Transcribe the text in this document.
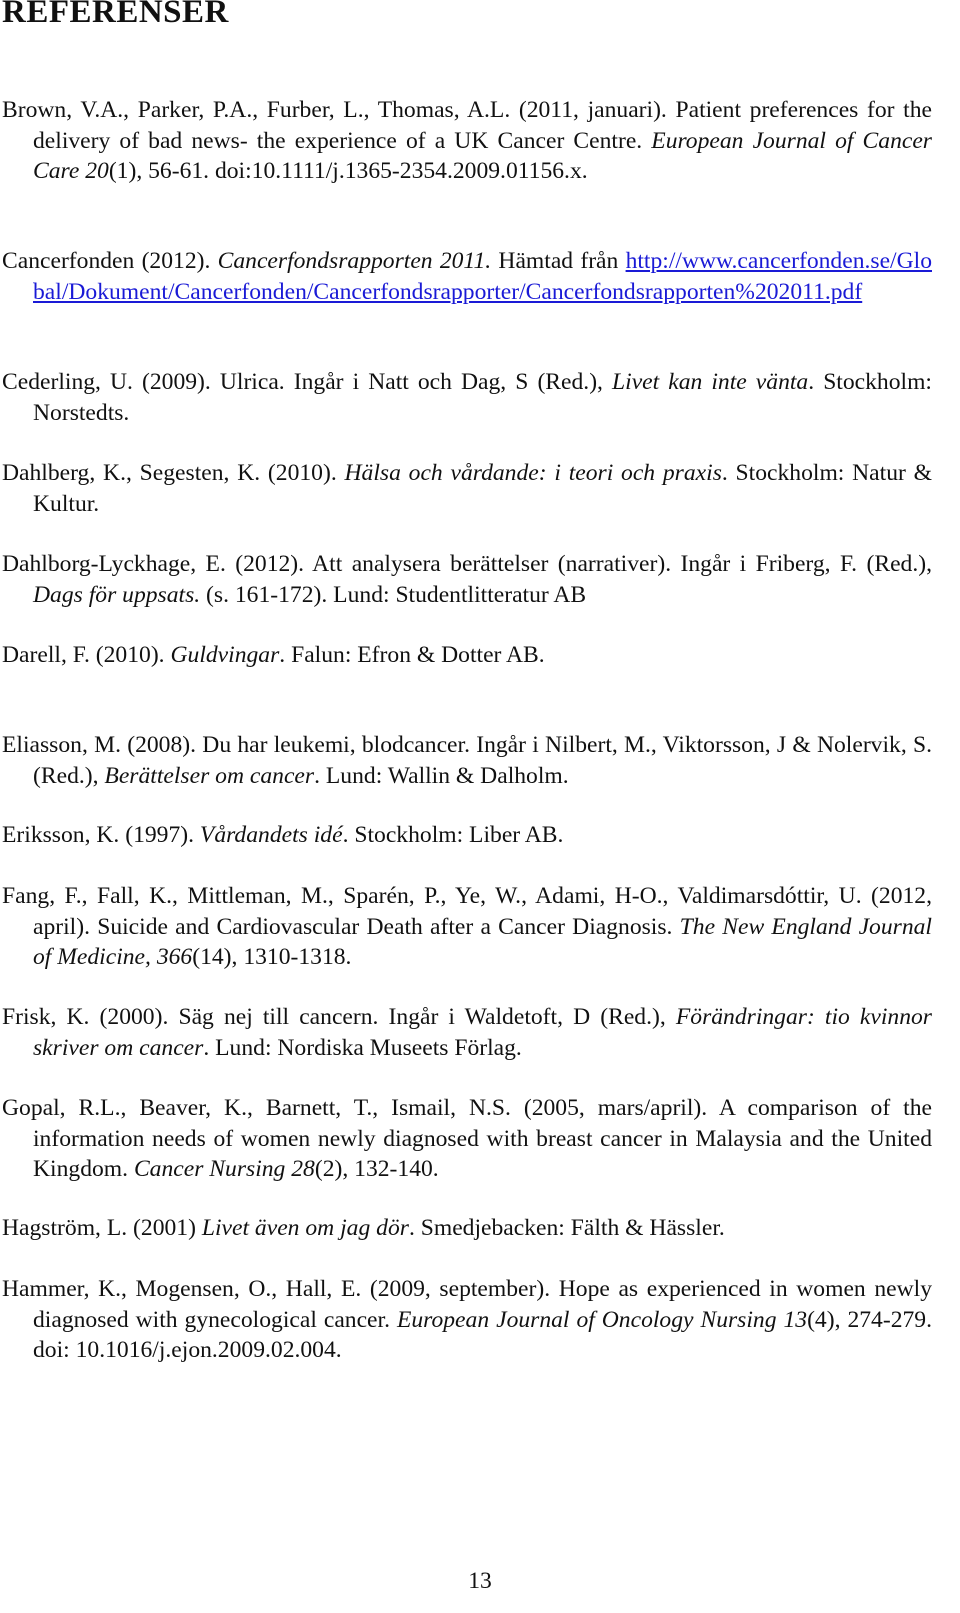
REFERENSER
Brown, V.A., Parker, P.A., Furber, L., Thomas, A.L. (2011, januari). Patient preferences for the delivery of bad news- the experience of a UK Cancer Centre. European Journal of Cancer Care 20(1), 56-61. doi:10.1111/j.1365-2354.2009.01156.x.
Cancerfonden (2012). Cancerfondsrapporten 2011. Hämtad från http://www.cancerfonden.se/Global/Dokument/Cancerfonden/Cancerfondsrapporter/Cancerfondsrapporten%202011.pdf
Cederling, U. (2009). Ulrica. Ingår i Natt och Dag, S (Red.), Livet kan inte vänta. Stockholm: Norstedts.
Dahlberg, K., Segesten, K. (2010). Hälsa och vårdande: i teori och praxis. Stockholm: Natur & Kultur.
Dahlborg-Lyckhage, E. (2012). Att analysera berättelser (narrativer). Ingår i Friberg, F. (Red.), Dags för uppsats. (s. 161-172). Lund: Studentlitteratur AB
Darell, F. (2010). Guldvingar. Falun: Efron & Dotter AB.
Eliasson, M. (2008). Du har leukemi, blodcancer. Ingår i Nilbert, M., Viktorsson, J & Nolervik, S. (Red.), Berättelser om cancer. Lund: Wallin & Dalholm.
Eriksson, K. (1997). Vårdandets idé. Stockholm: Liber AB.
Fang, F., Fall, K., Mittleman, M., Sparén, P., Ye, W., Adami, H-O., Valdimarsdóttir, U. (2012, april). Suicide and Cardiovascular Death after a Cancer Diagnosis. The New England Journal of Medicine, 366(14), 1310-1318.
Frisk, K. (2000). Säg nej till cancern. Ingår i Waldetoft, D (Red.), Förändringar: tio kvinnor skriver om cancer. Lund: Nordiska Museets Förlag.
Gopal, R.L., Beaver, K., Barnett, T., Ismail, N.S. (2005, mars/april). A comparison of the information needs of women newly diagnosed with breast cancer in Malaysia and the United Kingdom. Cancer Nursing 28(2), 132-140.
Hagström, L. (2001) Livet även om jag dör. Smedjebacken: Fälth & Hässler.
Hammer, K., Mogensen, O., Hall, E. (2009, september). Hope as experienced in women newly diagnosed with gynecological cancer. European Journal of Oncology Nursing 13(4), 274-279. doi: 10.1016/j.ejon.2009.02.004.
13
